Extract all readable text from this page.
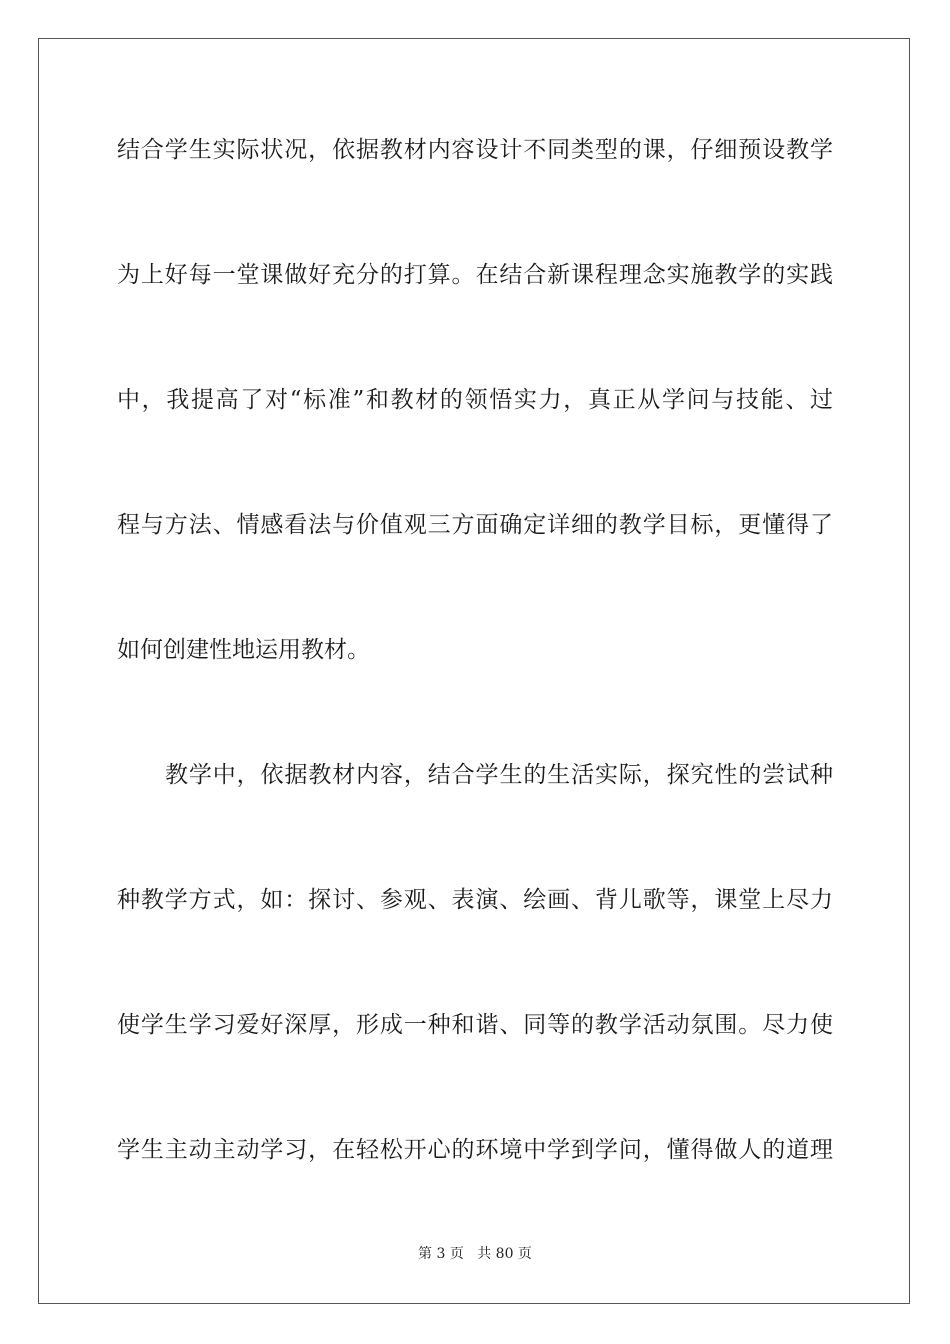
结合学生实际状况，依据教材内容设计不同类型的课，仔细预设教学
为上好每一堂课做好充分的打算。在结合新课程理念实施教学的实践
中，我提高了对“标准”和教材的领悟实力，真正从学问与技能、过
程与方法、情感看法与价值观三方面确定详细的教学目标，更懂得了
如何创建性地运用教材。
教学中，依据教材内容，结合学生的生活实际，探究性的尝试种
种教学方式，如：探讨、参观、表演、绘画、背儿歌等，课堂上尽力
使学生学习爱好深厚，形成一种和谐、同等的教学活动氛围。尽力使
学生主动主动学习，在轻松开心的环境中学到学问，懂得做人的道理
第 3 页 共 80 页
